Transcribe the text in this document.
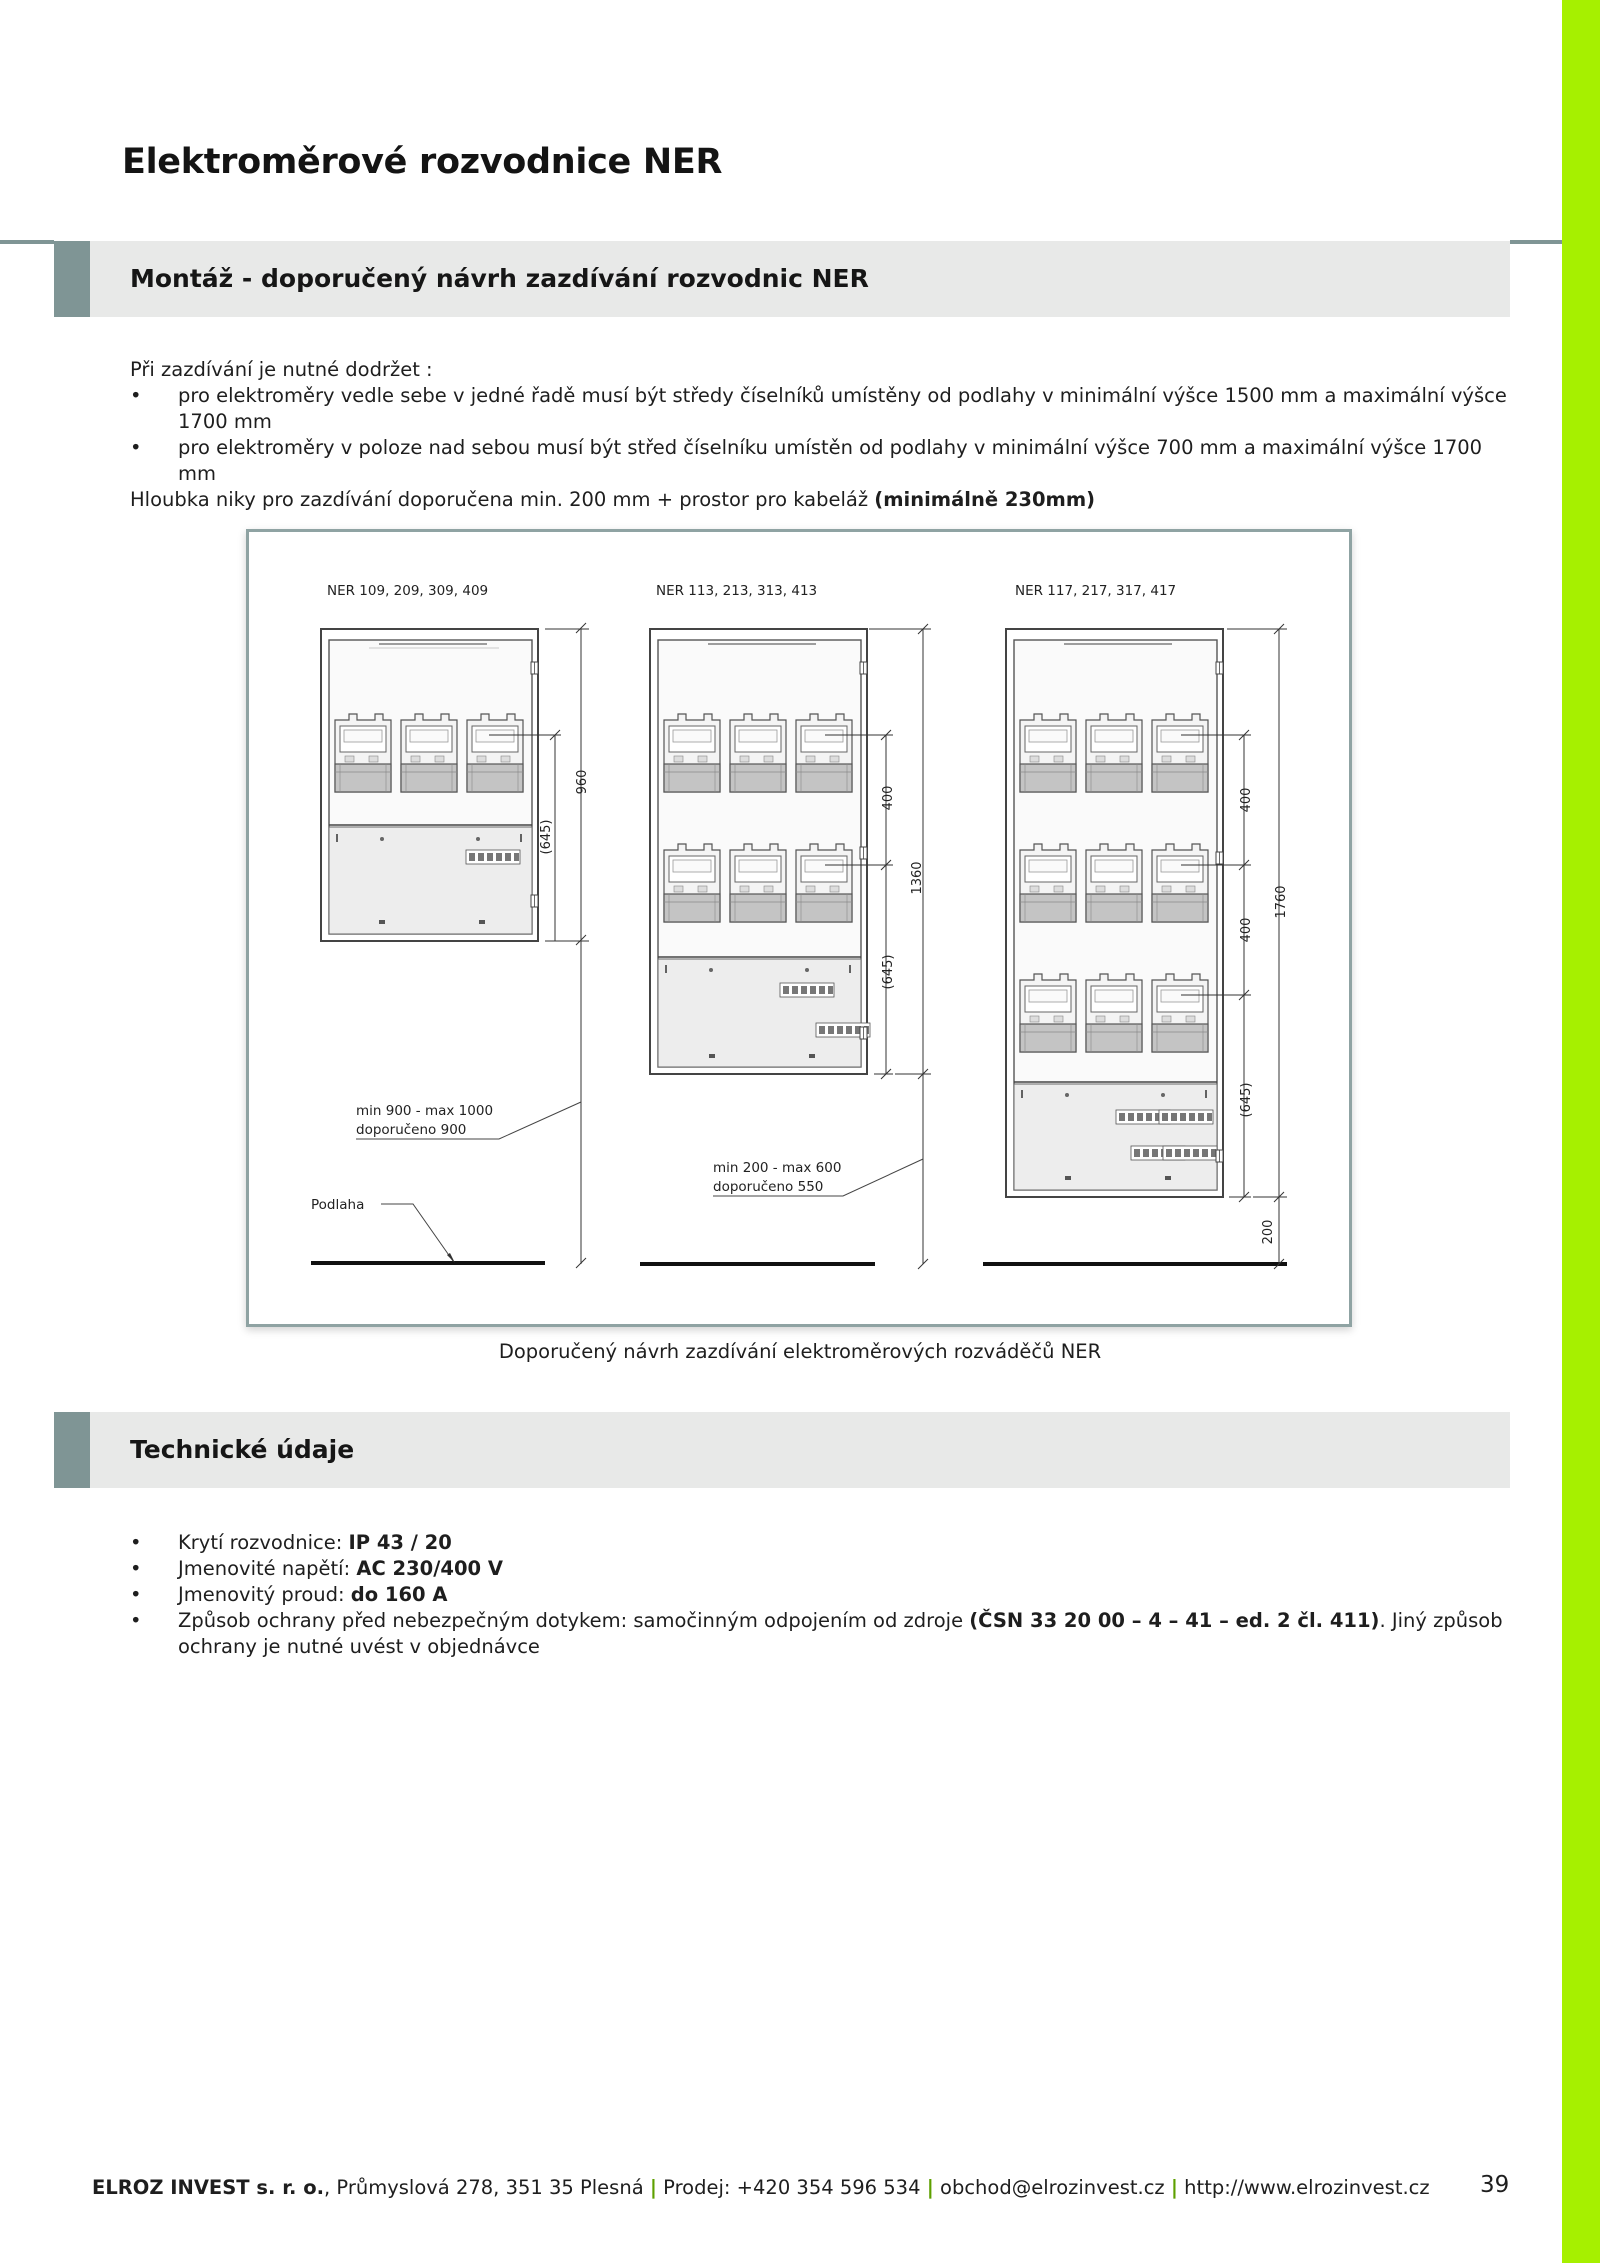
Elektroměrové rozvodnice NER
Montáž - doporučený návrh zazdívání rozvodnic NER

Při zazdívání je nutné dodržet :

• pro elektroměry vedle sebe v jedné řadě musí být středy číselníků umístěny od podlahy v minimální výšce 1500 mm a maximální výšce 1700 mm
• pro elektroměry v poloze nad sebou musí být střed číselníku umístěn od podlahy v minimální výšce 700 mm a maximální výšce 1700 mm

Hloubka niky pro zazdívání doporučena min. 200 mm + prostor pro kabeláž (minimálně 230mm)

NER 109, 209, 309, 409	NER 113, 213, 313, 413	NER 117, 217, 317, 417
960
(645)
400
(645)
1360
400
400
(645)
1760
200
min 900 - max 1000
doporučeno 900
min 200 - max 600
doporučeno 550
Podlaha
Doporučený návrh zazdívání elektroměrových rozváděčů NER
Technické údaje
• Krytí rozvodnice: IP 43 / 20
• Jmenovité napětí: AC 230/400 V
• Jmenovitý proud: do 160 A
• Způsob ochrany před nebezpečným dotykem: samočinným odpojením od zdroje (ČSN 33 20 00 – 4 – 41 – ed. 2 čl. 411). Jiný způsob ochrany je nutné uvést v objednávce
ELROZ INVEST s. r. o., Průmyslová 278, 351 35 Plesná | Prodej: +420 354 596 534 | obchod@elrozinvest.cz | http://www.elrozinvest.cz 39
